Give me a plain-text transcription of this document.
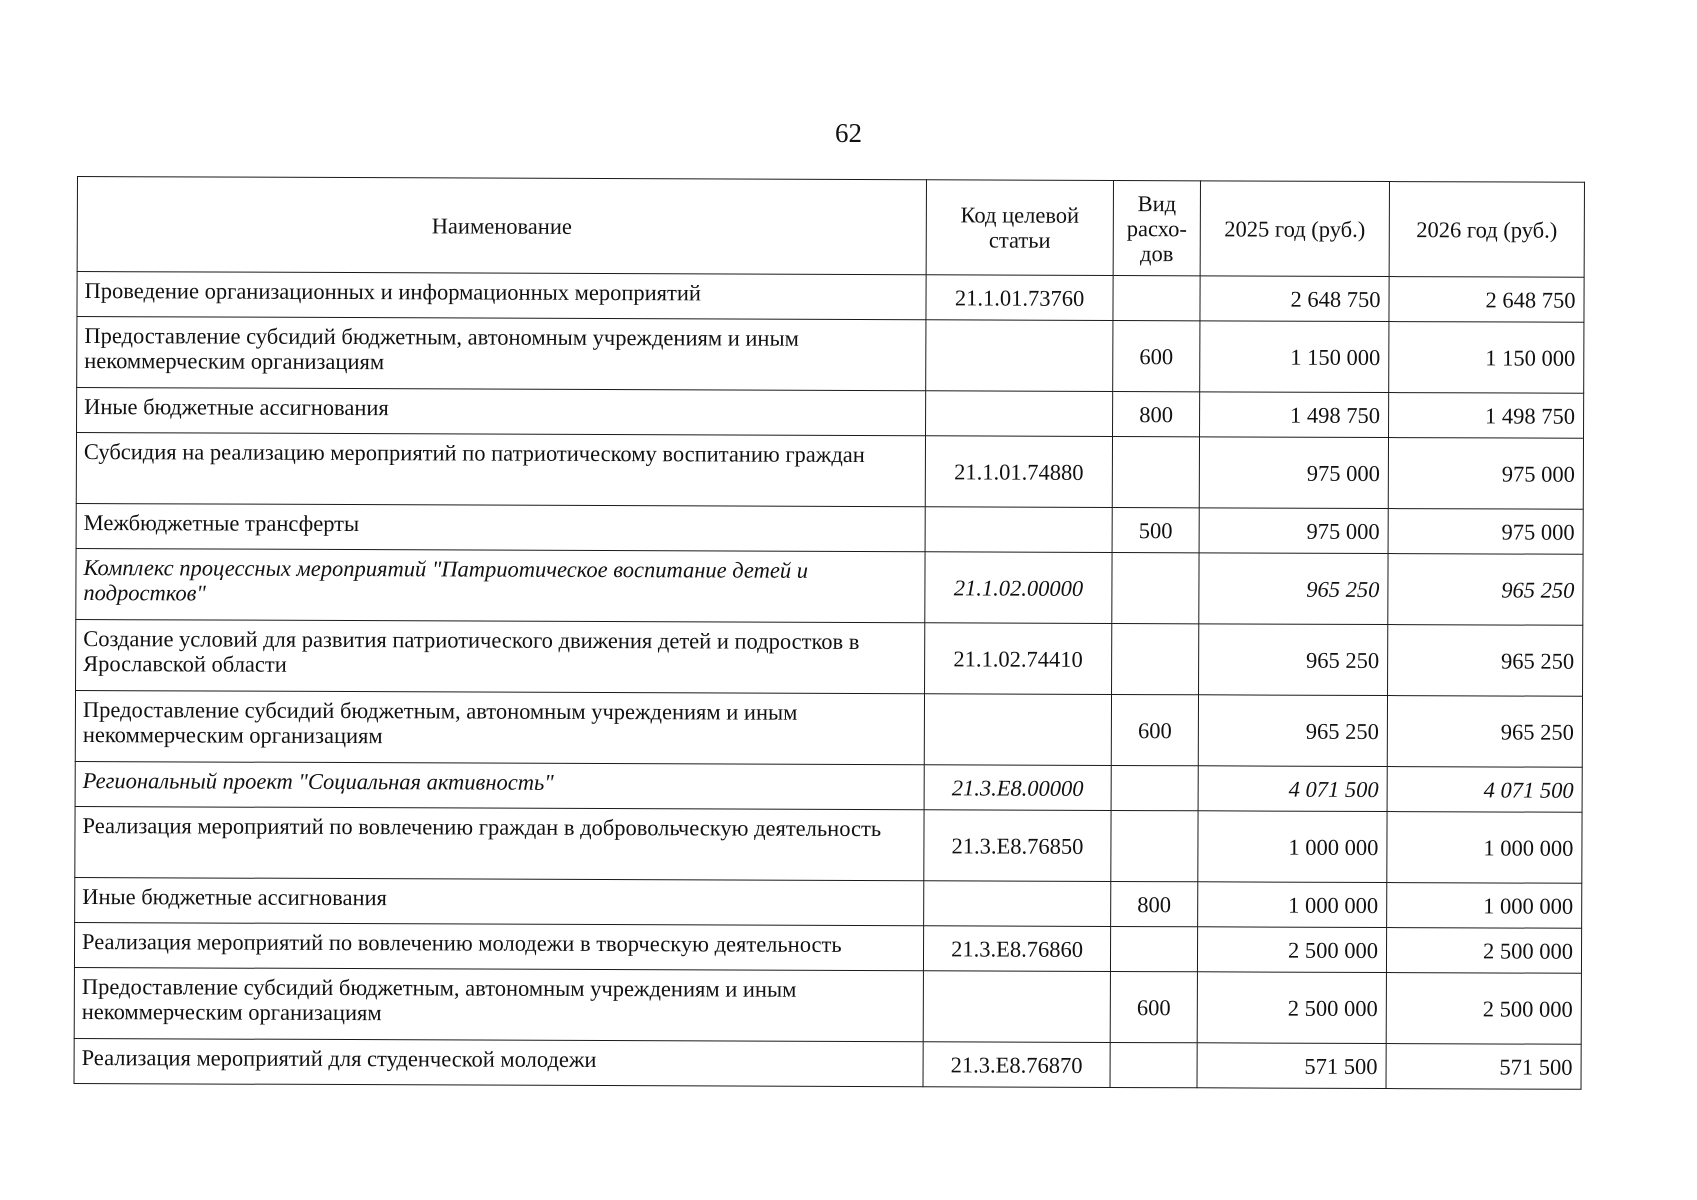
62
Наименование	Код целевой статьи	Вид расхо-дов	2025 год (руб.)	2026 год (руб.)
Проведение организационных и информационных мероприятий	21.1.01.73760		2 648 750	2 648 750
Предоставление субсидий бюджетным, автономным учреждениям и иным некоммерческим организациям		600	1 150 000	1 150 000
Иные бюджетные ассигнования		800	1 498 750	1 498 750
Субсидия на реализацию мероприятий по патриотическому воспитанию граждан	21.1.01.74880		975 000	975 000
Межбюджетные трансферты		500	975 000	975 000
Комплекс процессных мероприятий "Патриотическое воспитание детей и подростков"	21.1.02.00000		965 250	965 250
Создание условий для развития патриотического движения детей и подростков в Ярославской области	21.1.02.74410		965 250	965 250
Предоставление субсидий бюджетным, автономным учреждениям и иным некоммерческим организациям		600	965 250	965 250
Региональный проект "Социальная активность"	21.3.E8.00000		4 071 500	4 071 500
Реализация мероприятий по вовлечению граждан в добровольческую деятельность	21.3.E8.76850		1 000 000	1 000 000
Иные бюджетные ассигнования		800	1 000 000	1 000 000
Реализация мероприятий по вовлечению молодежи в творческую деятельность	21.3.E8.76860		2 500 000	2 500 000
Предоставление субсидий бюджетным, автономным учреждениям и иным некоммерческим организациям		600	2 500 000	2 500 000
Реализация мероприятий для студенческой молодежи	21.3.E8.76870		571 500	571 500
